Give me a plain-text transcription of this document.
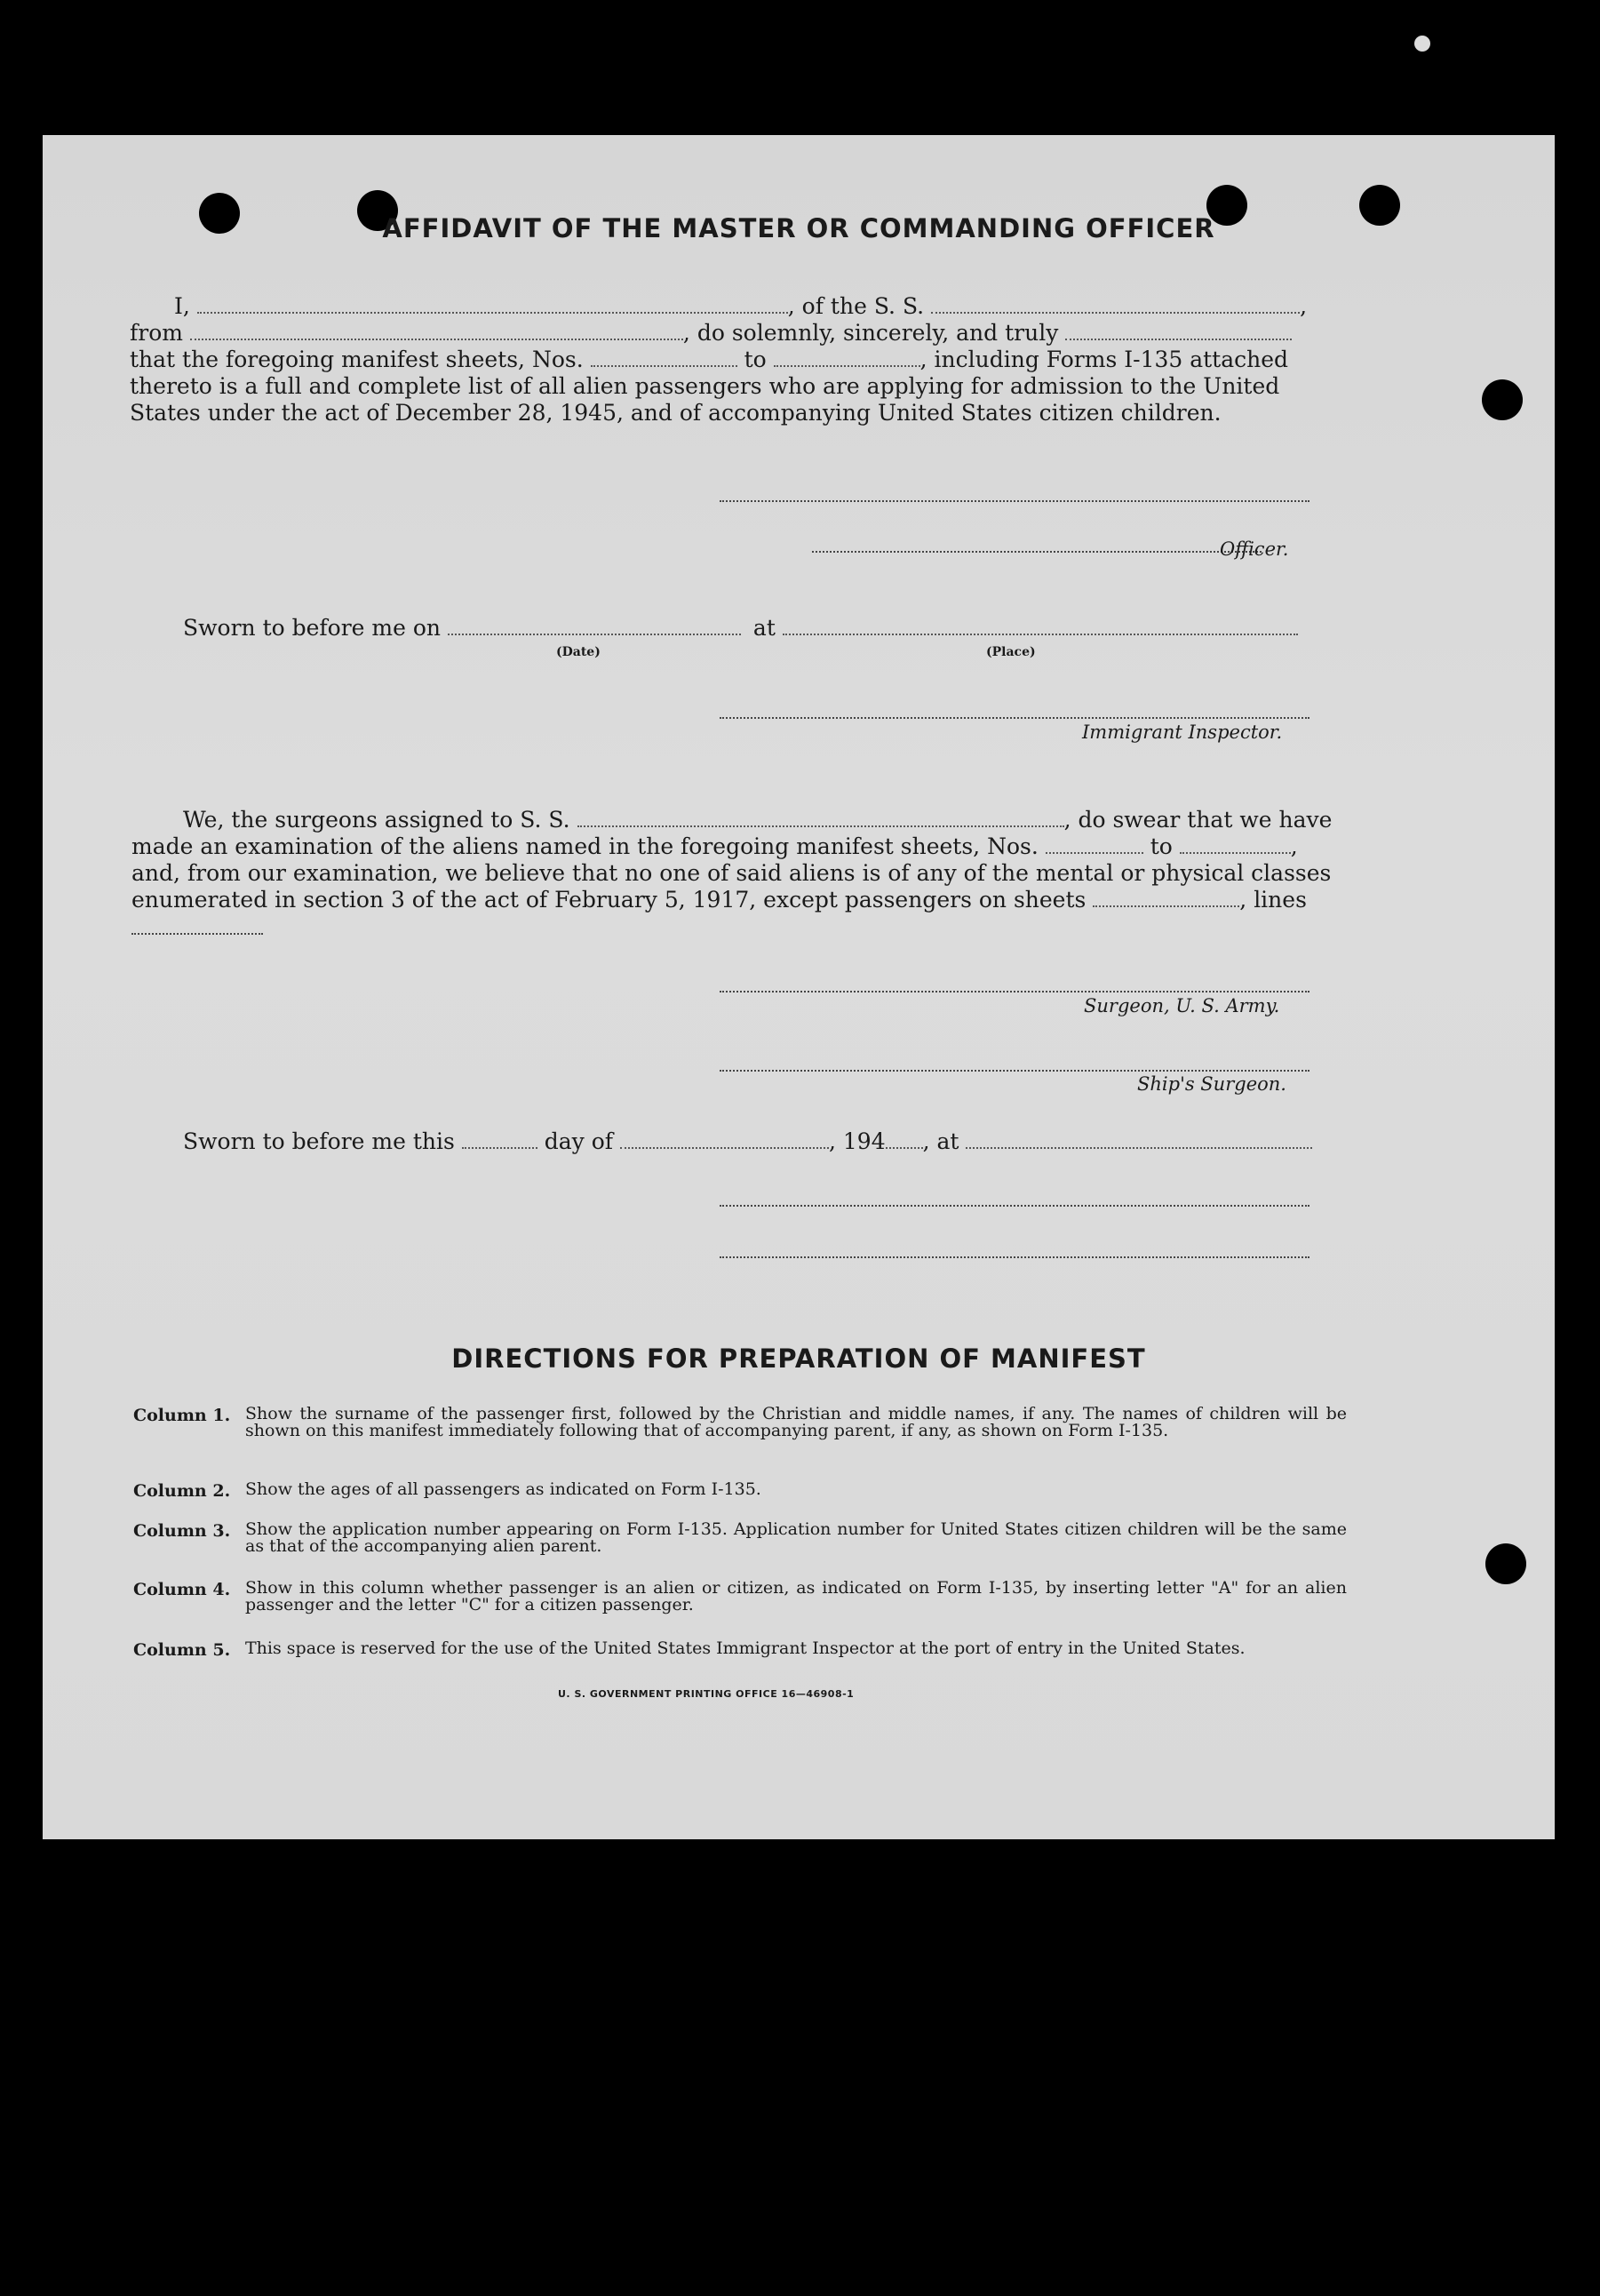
AFFIDAVIT OF THE MASTER OR COMMANDING OFFICER
I,	, of the S. S.	,
from	, do solemnly, sincerely, and truly
that the foregoing manifest sheets, Nos.	to	, including Forms I-135 attached
thereto is a full and complete list of all alien passengers who are applying for admission to the United
States under the act of December 28, 1945, and of accompanying United States citizen children.
Officer.
Sworn to before me on	at
(Date)	(Place)
Immigrant Inspector.
We, the surgeons assigned to S. S.	, do swear that we have
made an examination of the aliens named in the foregoing manifest sheets, Nos.	to	,
and, from our examination, we believe that no one of said aliens is of any of the mental or physical classes
enumerated in section 3 of the act of February 5, 1917, except passengers on sheets	, lines
Surgeon, U. S. Army.
Ship's Surgeon.
Sworn to before me this	day of	, 194 , at
DIRECTIONS FOR PREPARATION OF MANIFEST
Column 1. Show the surname of the passenger first, followed by the Christian and middle names, if any. The names of children will be shown on this manifest immediately following that of accompanying parent, if any, as shown on Form I-135.
Column 2. Show the ages of all passengers as indicated on Form I-135.
Column 3. Show the application number appearing on Form I-135. Application number for United States citizen children will be the same as that of the accompanying alien parent.
Column 4. Show in this column whether passenger is an alien or citizen, as indicated on Form I-135, by inserting letter "A" for an alien passenger and the letter "C" for a citizen passenger.
Column 5. This space is reserved for the use of the United States Immigrant Inspector at the port of entry in the United States.
U. S. GOVERNMENT PRINTING OFFICE 16—46908-1
